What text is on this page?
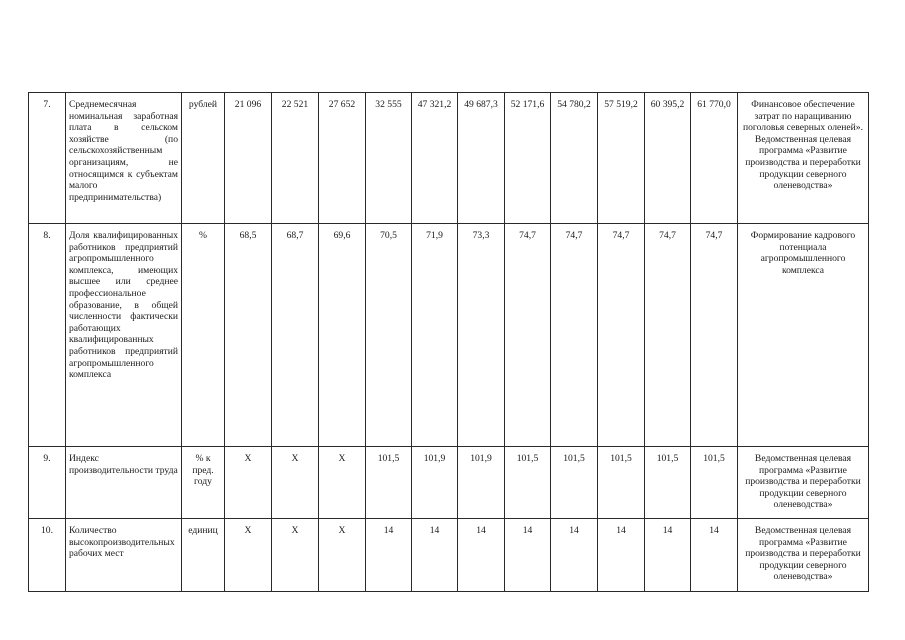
7.	Среднемесячная номинальная заработная плата в сельском хозяйстве (по сельскохозяйственным организациям, не относящимся к субъектам малого предпринимательства)	рублей	21 096	22 521	27 652	32 555	47 321,2	49 687,3	52 171,6	54 780,2	57 519,2	60 395,2	61 770,0	Финансовое обеспечение затрат по наращиванию поголовья северных оленей». Ведомственная целевая программа «Развитие производства и переработки продукции северного оленеводства»
8.	Доля квалифицированных работников предприятий агропромышленного комплекса, имеющих высшее или среднее профессиональное образование, в общей численности фактически работающих квалифицированных работников предприятий агропромышленного комплекса	%	68,5	68,7	69,6	70,5	71,9	73,3	74,7	74,7	74,7	74,7	74,7	Формирование кадрового потенциала агропромышленного комплекса
9.	Индекс производительности труда	% к пред. году	Х	Х	Х	101,5	101,9	101,9	101,5	101,5	101,5	101,5	101,5	Ведомственная целевая программа «Развитие производства и переработки продукции северного оленеводства»
10.	Количество высокопроизводительных рабочих мест	единиц	Х	Х	Х	14	14	14	14	14	14	14	14	Ведомственная целевая программа «Развитие производства и переработки продукции северного оленеводства»
